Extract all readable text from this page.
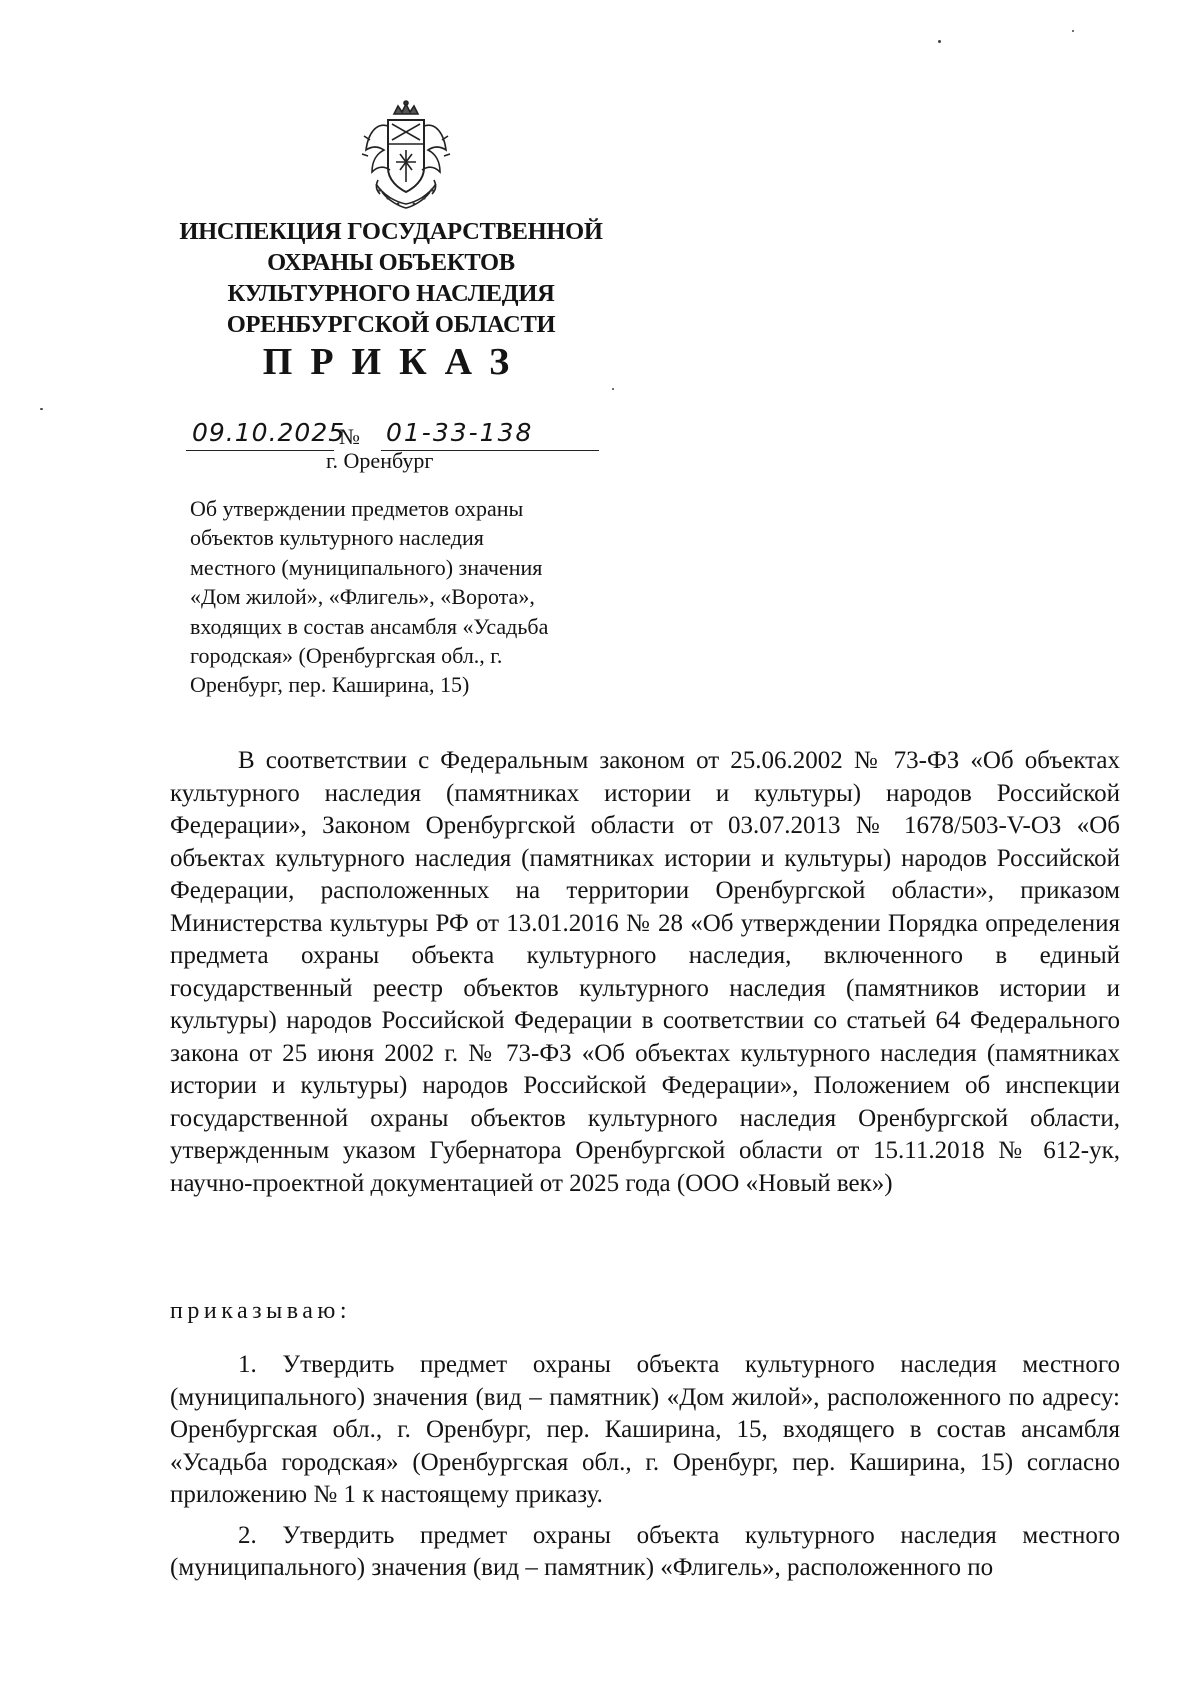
ИНСПЕКЦИЯ ГОСУДАРСТВЕННОЙ
ОХРАНЫ ОБЪЕКТОВ
КУЛЬТУРНОГО НАСЛЕДИЯ
ОРЕНБУРГСКОЙ ОБЛАСТИ
ПРИКАЗ
09.10.2025
№ 01-33-138
г. Оренбург
Об утверждении предметов охраны
объектов культурного наследия
местного (муниципального) значения
«Дом жилой», «Флигель», «Ворота»,
входящих в состав ансамбля «Усадьба
городская» (Оренбургская обл., г.
Оренбург, пер. Каширина, 15)

В соответствии с Федеральным законом от 25.06.2002 № 73-ФЗ «Об объектах культурного наследия (памятниках истории и культуры) народов Российской Федерации», Законом Оренбургской области от 03.07.2013 № 1678/503-V-ОЗ «Об объектах культурного наследия (памятниках истории и культуры) народов Российской Федерации, расположенных на территории Оренбургской области», приказом Министерства культуры РФ от 13.01.2016 № 28 «Об утверждении Порядка определения предмета охраны объекта культурного наследия, включенного в единый государственный реестр объектов культурного наследия (памятников истории и культуры) народов Российской Федерации в соответствии со статьей 64 Федерального закона от 25 июня 2002 г. № 73-ФЗ «Об объектах культурного наследия (памятниках истории и культуры) народов Российской Федерации», Положением об инспекции государственной охраны объектов культурного наследия Оренбургской области, утвержденным указом Губернатора Оренбургской области от 15.11.2018 № 612-ук, научно-проектной документацией от 2025 года (ООО «Новый век»)

приказываю:

1. Утвердить предмет охраны объекта культурного наследия местного (муниципального) значения (вид – памятник) «Дом жилой», расположенного по адресу: Оренбургская обл., г. Оренбург, пер. Каширина, 15, входящего в состав ансамбля «Усадьба городская» (Оренбургская обл., г. Оренбург, пер. Каширина, 15) согласно приложению № 1 к настоящему приказу.

2. Утвердить предмет охраны объекта культурного наследия местного (муниципального) значения (вид – памятник) «Флигель», расположенного по
